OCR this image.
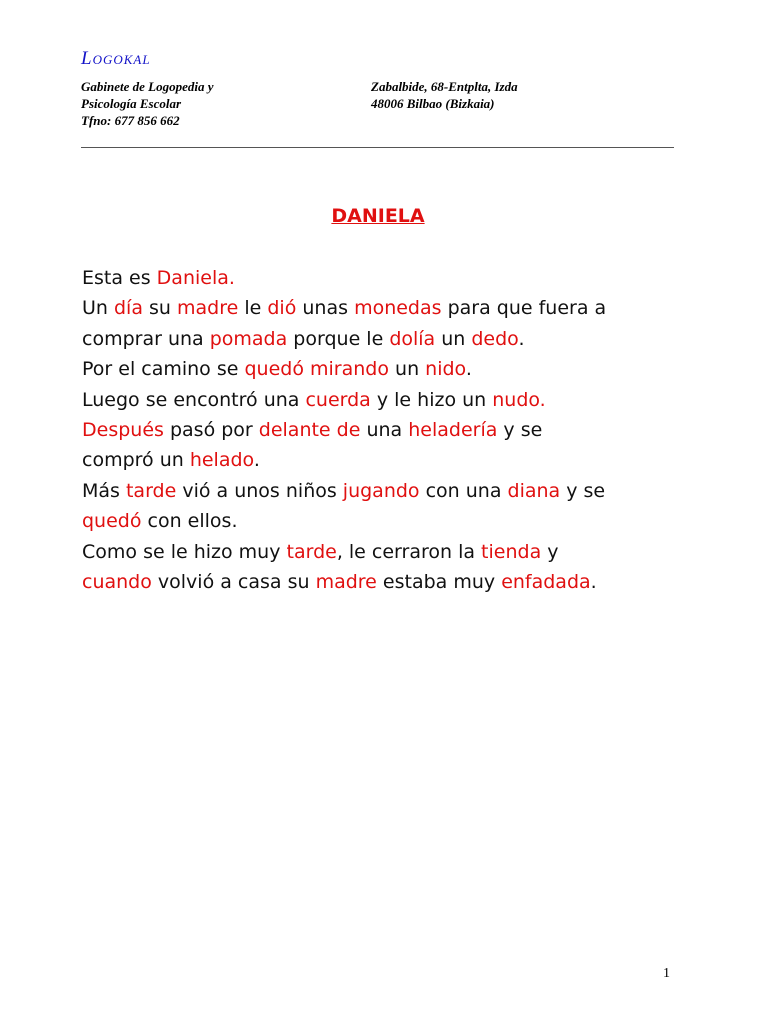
Logokal
Gabinete de Logopedia y
Psicología Escolar
Tfno: 677 856 662
Zabalbide, 68-Entplta, Izda
48006 Bilbao (Bizkaia)
DANIELA
Esta es Daniela.
Un día su madre le dió unas monedas para que fuera a
comprar una pomada porque le dolía un dedo.
Por el camino se quedó mirando un nido.
Luego se encontró una cuerda y le hizo un nudo.
Después pasó por delante de una heladería y se
compró un helado.
Más tarde vió a unos niños jugando con una diana y se
quedó con ellos.
Como se le hizo muy tarde, le cerraron la tienda y
cuando volvió a casa su madre estaba muy enfadada.
1
